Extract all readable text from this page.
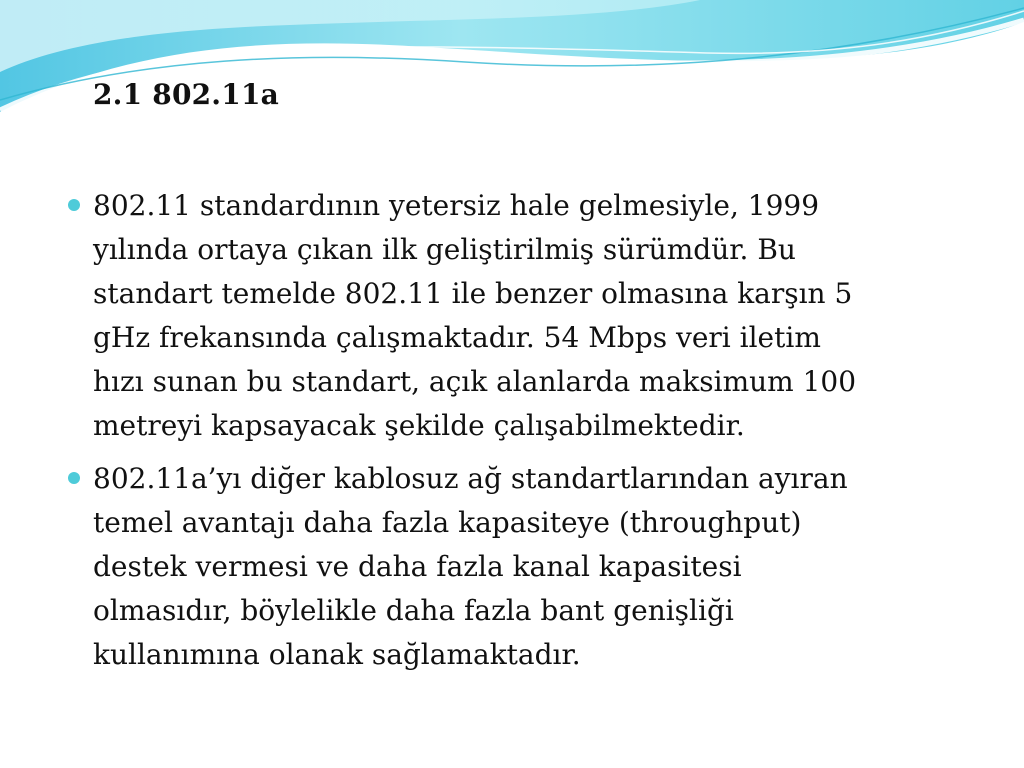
2.1 802.11a
802.11 standardının yetersiz hale gelmesiyle, 1999
yılında ortaya çıkan ilk geliştirilmiş sürümdür. Bu
standart temelde 802.11 ile benzer olmasına karşın 5
gHz frekansında çalışmaktadır. 54 Mbps veri iletim
hızı sunan bu standart, açık alanlarda maksimum 100
metreyi kapsayacak şekilde çalışabilmektedir.
802.11a’yı diğer kablosuz ağ standartlarından ayıran
temel avantajı daha fazla kapasiteye (throughput)
destek vermesi ve daha fazla kanal kapasitesi
olmasıdır, böylelikle daha fazla bant genişliği
kullanımına olanak sağlamaktadır.
